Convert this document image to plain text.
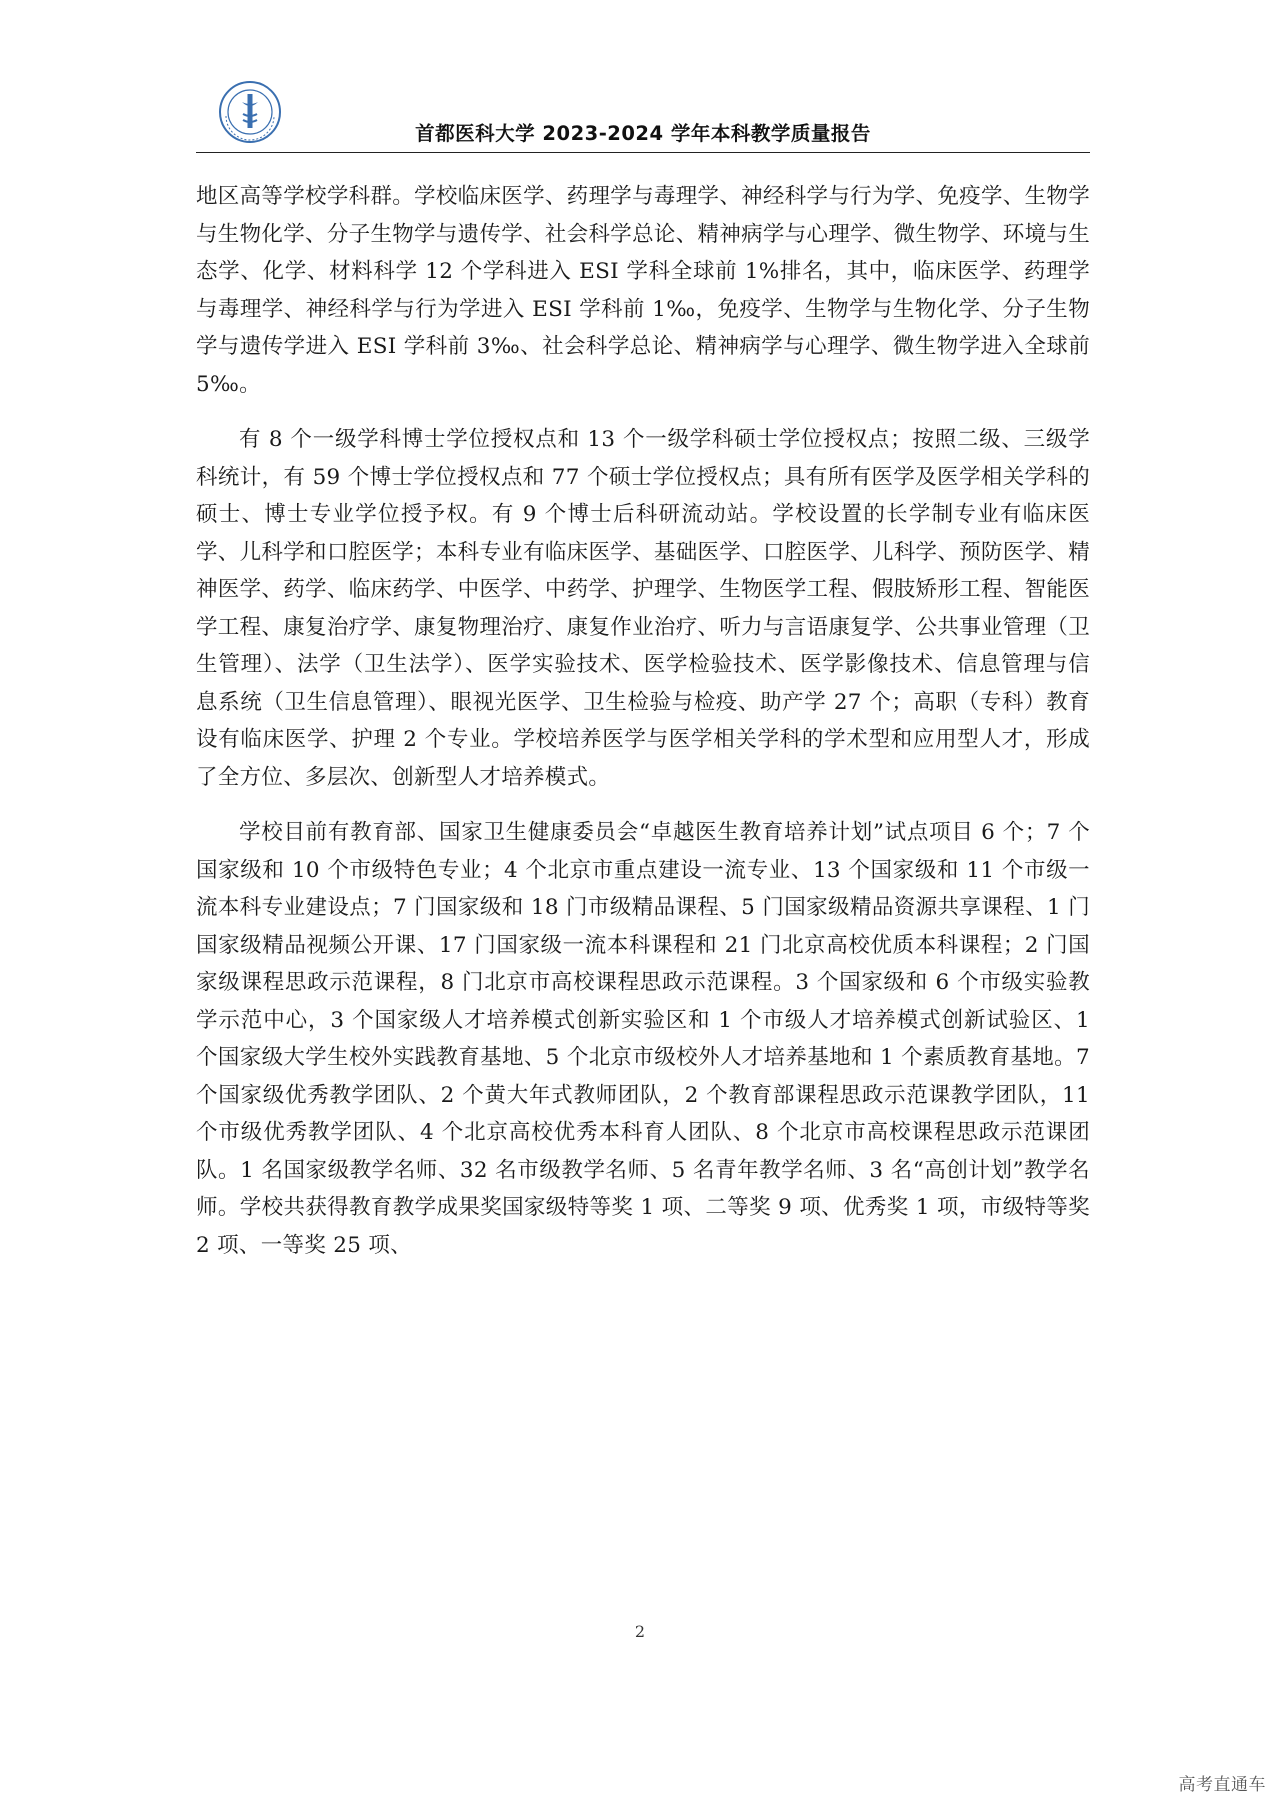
首都医科大学 2023-2024 学年本科教学质量报告

地区高等学校学科群。学校临床医学、药理学与毒理学、神经科学与行为学、免疫学、生物学与生物化学、分子生物学与遗传学、社会科学总论、精神病学与心理学、微生物学、环境与生态学、化学、材料科学 12 个学科进入 ESI 学科全球前 1%排名，其中，临床医学、药理学与毒理学、神经科学与行为学进入 ESI 学科前 1‰，免疫学、生物学与生物化学、分子生物学与遗传学进入 ESI 学科前 3‰、社会科学总论、精神病学与心理学、微生物学进入全球前 5‰。

有 8 个一级学科博士学位授权点和 13 个一级学科硕士学位授权点；按照二级、三级学科统计，有 59 个博士学位授权点和 77 个硕士学位授权点；具有所有医学及医学相关学科的硕士、博士专业学位授予权。有 9 个博士后科研流动站。学校设置的长学制专业有临床医学、儿科学和口腔医学；本科专业有临床医学、基础医学、口腔医学、儿科学、预防医学、精神医学、药学、临床药学、中医学、中药学、护理学、生物医学工程、假肢矫形工程、智能医学工程、康复治疗学、康复物理治疗、康复作业治疗、听力与言语康复学、公共事业管理（卫生管理）、法学（卫生法学）、医学实验技术、医学检验技术、医学影像技术、信息管理与信息系统（卫生信息管理）、眼视光医学、卫生检验与检疫、助产学 27 个；高职（专科）教育设有临床医学、护理 2 个专业。学校培养医学与医学相关学科的学术型和应用型人才，形成了全方位、多层次、创新型人才培养模式。

学校目前有教育部、国家卫生健康委员会“卓越医生教育培养计划”试点项目 6 个；7 个国家级和 10 个市级特色专业；4 个北京市重点建设一流专业、13 个国家级和 11 个市级一流本科专业建设点；7 门国家级和 18 门市级精品课程、5 门国家级精品资源共享课程、1 门国家级精品视频公开课、17 门国家级一流本科课程和 21 门北京高校优质本科课程；2 门国家级课程思政示范课程，8 门北京市高校课程思政示范课程。3 个国家级和 6 个市级实验教学示范中心，3 个国家级人才培养模式创新实验区和 1 个市级人才培养模式创新试验区、1 个国家级大学生校外实践教育基地、5 个北京市级校外人才培养基地和 1 个素质教育基地。7 个国家级优秀教学团队、2 个黄大年式教师团队，2 个教育部课程思政示范课教学团队，11 个市级优秀教学团队、4 个北京高校优秀本科育人团队、8 个北京市高校课程思政示范课团队。1 名国家级教学名师、32 名市级教学名师、5 名青年教学名师、3 名“高创计划”教学名师。学校共获得教育教学成果奖国家级特等奖 1 项、二等奖 9 项、优秀奖 1 项，市级特等奖 2 项、一等奖 25 项、

2
高考直通车
